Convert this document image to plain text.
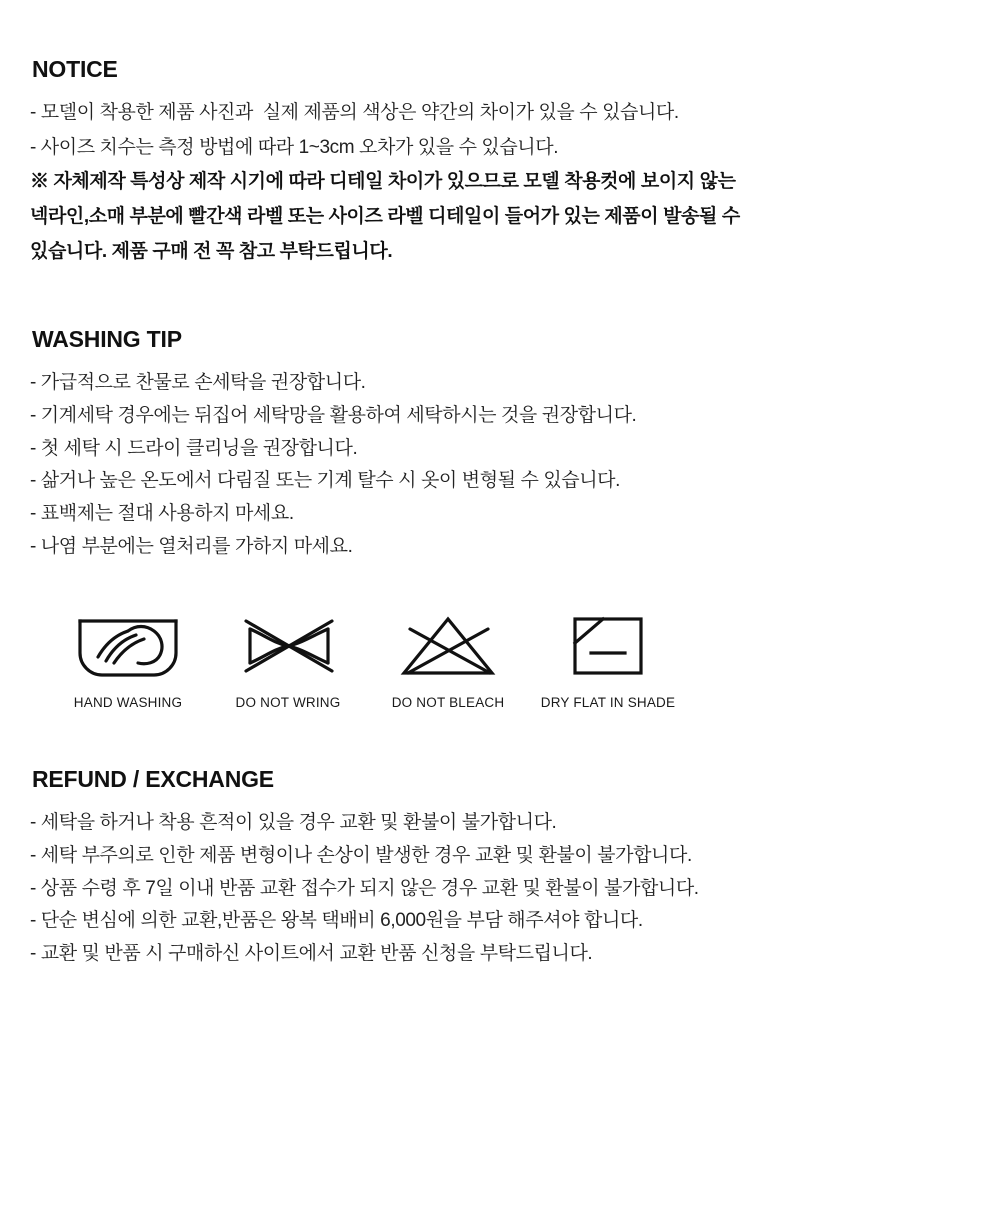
NOTICE

- 모델이 착용한 제품 사진과  실제 제품의 색상은 약간의 차이가 있을 수 있습니다.

- 사이즈 치수는 측정 방법에 따라 1~3cm 오차가 있을 수 있습니다.

※ 자체제작 특성상 제작 시기에 따라 디테일 차이가 있으므로 모델 착용컷에 보이지 않는

넥라인,소매 부분에 빨간색 라벨 또는 사이즈 라벨 디테일이 들어가 있는 제품이 발송될 수

있습니다. 제품 구매 전 꼭 참고 부탁드립니다.

WASHING TIP

- 가급적으로 찬물로 손세탁을 권장합니다.

- 기계세탁 경우에는 뒤집어 세탁망을 활용하여 세탁하시는 것을 권장합니다.

- 첫 세탁 시 드라이 클리닝을 권장합니다.

- 삶거나 높은 온도에서 다림질 또는 기계 탈수 시 옷이 변형될 수 있습니다.

- 표백제는 절대 사용하지 마세요.

- 나염 부분에는 열처리를 가하지 마세요.

HAND WASHING	DO NOT WRING	DO NOT BLEACH	DRY FLAT IN SHADE
REFUND / EXCHANGE

- 세탁을 하거나 착용 흔적이 있을 경우 교환 및 환불이 불가합니다.

- 세탁 부주의로 인한 제품 변형이나 손상이 발생한 경우 교환 및 환불이 불가합니다.

- 상품 수령 후 7일 이내 반품 교환 접수가 되지 않은 경우 교환 및 환불이 불가합니다.

- 단순 변심에 의한 교환,반품은 왕복 택배비 6,000원을 부담 해주셔야 합니다.

- 교환 및 반품 시 구매하신 사이트에서 교환 반품 신청을 부탁드립니다.
